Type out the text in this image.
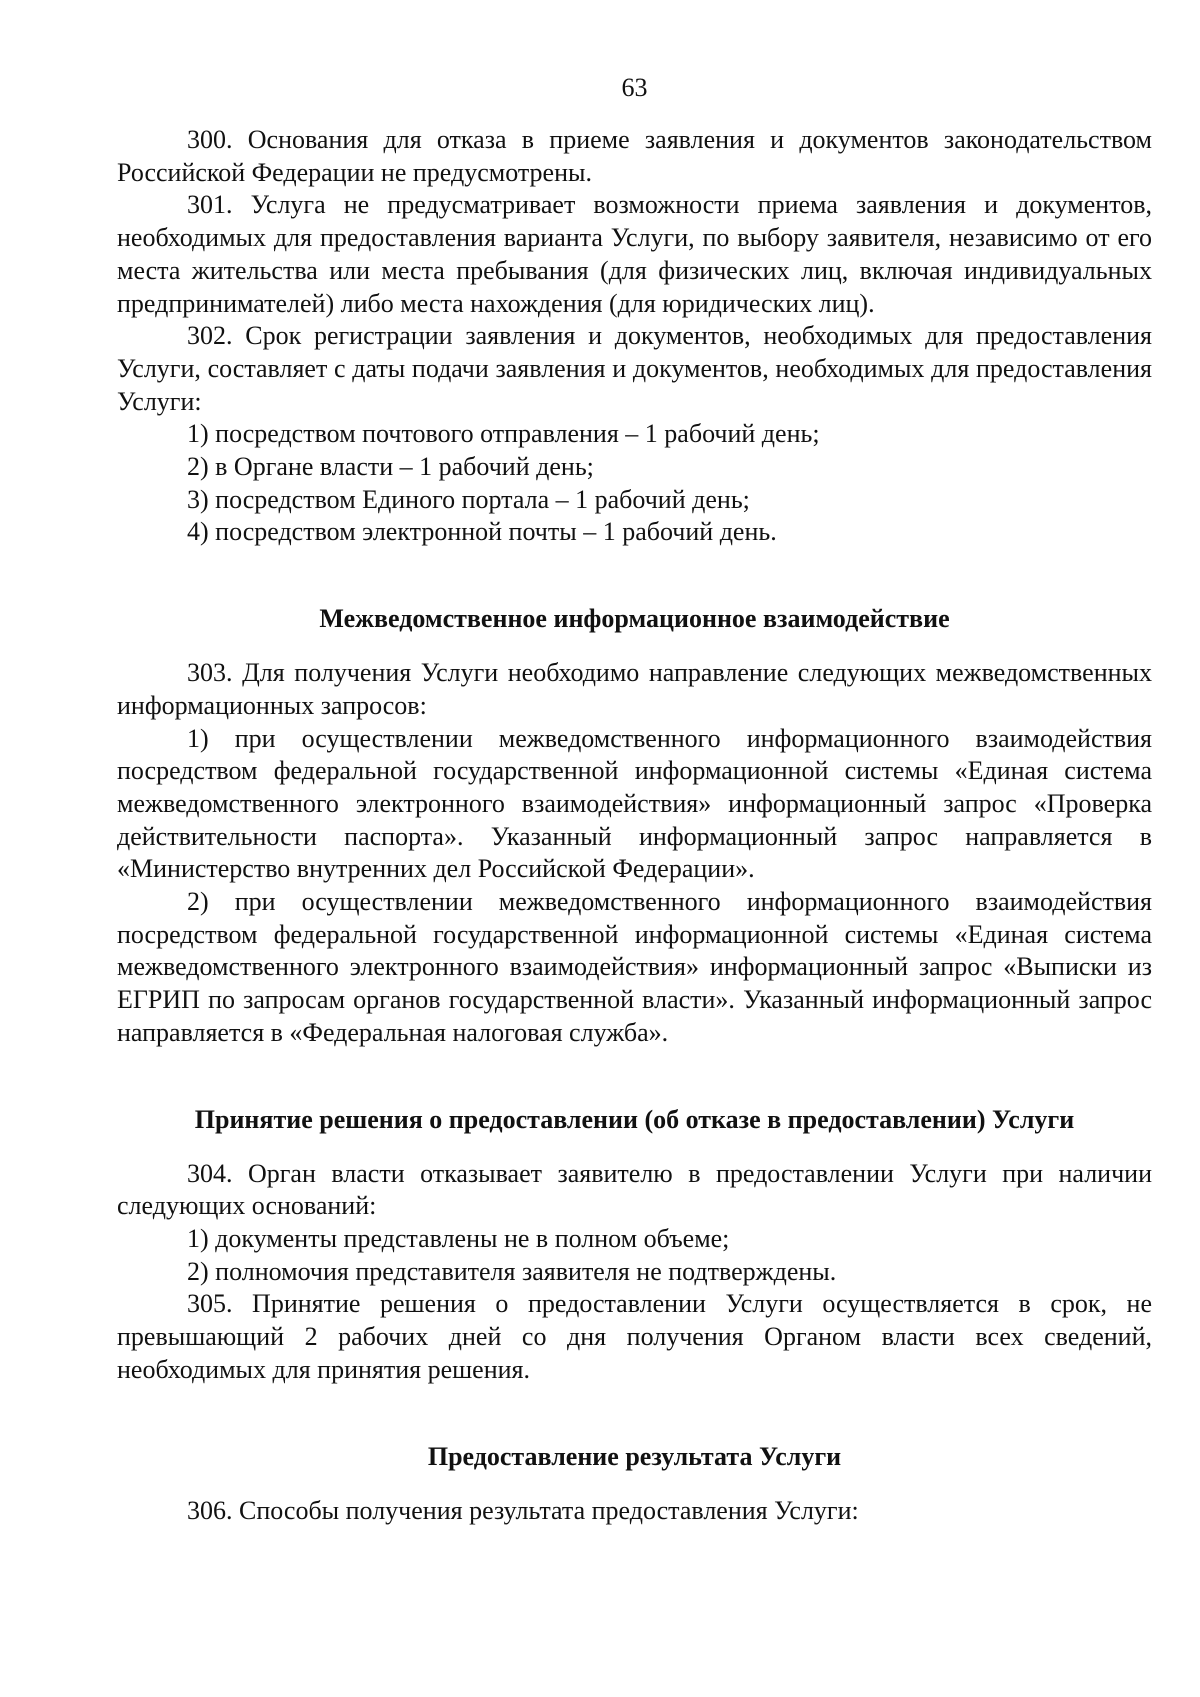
63

300. Основания для отказа в приеме заявления и документов законодательством Российской Федерации не предусмотрены.

301. Услуга не предусматривает возможности приема заявления и документов, необходимых для предоставления варианта Услуги, по выбору заявителя, независимо от его места жительства или места пребывания (для физических лиц, включая индивидуальных предпринимателей) либо места нахождения (для юридических лиц).

302. Срок регистрации заявления и документов, необходимых для предоставления Услуги, составляет с даты подачи заявления и документов, необходимых для предоставления Услуги:

1) посредством почтового отправления – 1 рабочий день;

2) в Органе власти – 1 рабочий день;

3) посредством Единого портала – 1 рабочий день;

4) посредством электронной почты – 1 рабочий день.

Межведомственное информационное взаимодействие

303. Для получения Услуги необходимо направление следующих межведомственных информационных запросов:

1) при осуществлении межведомственного информационного взаимодействия посредством федеральной государственной информационной системы «Единая система межведомственного электронного взаимодействия» информационный запрос «Проверка действительности паспорта». Указанный информационный запрос направляется в «Министерство внутренних дел Российской Федерации».

2) при осуществлении межведомственного информационного взаимодействия посредством федеральной государственной информационной системы «Единая система межведомственного электронного взаимодействия» информационный запрос «Выписки из ЕГРИП по запросам органов государственной власти». Указанный информационный запрос направляется в «Федеральная налоговая служба».

Принятие решения о предоставлении (об отказе в предоставлении) Услуги

304. Орган власти отказывает заявителю в предоставлении Услуги при наличии следующих оснований:

1) документы представлены не в полном объеме;

2) полномочия представителя заявителя не подтверждены.

305. Принятие решения о предоставлении Услуги осуществляется в срок, не превышающий 2 рабочих дней со дня получения Органом власти всех сведений, необходимых для принятия решения.

Предоставление результата Услуги

306. Способы получения результата предоставления Услуги:
